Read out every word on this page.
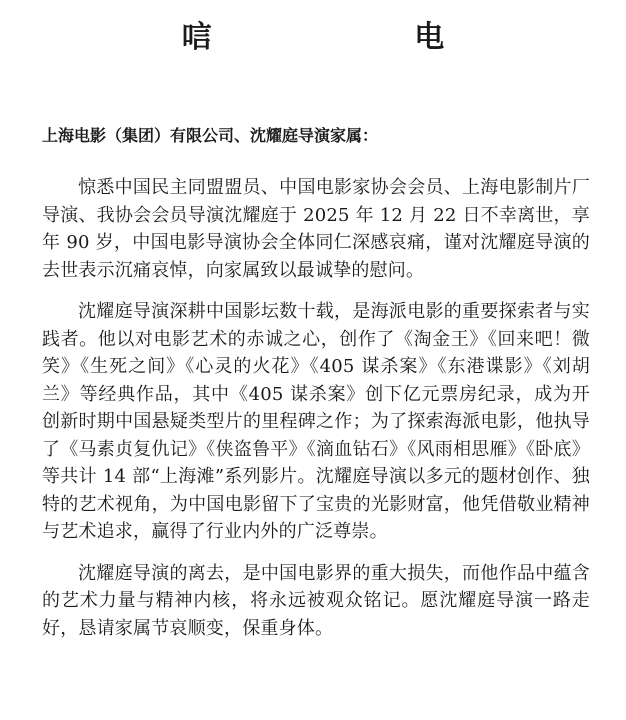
唁 电
上海电影（集团）有限公司、沈耀庭导演家属：

惊悉中国民主同盟盟员、中国电影家协会会员、上海电影制片厂导演、我协会会员导演沈耀庭于 2025 年 12 月 22 日不幸离世，享年 90 岁，中国电影导演协会全体同仁深感哀痛，谨对沈耀庭导演的去世表示沉痛哀悼，向家属致以最诚挚的慰问。

沈耀庭导演深耕中国影坛数十载，是海派电影的重要探索者与实践者。他以对电影艺术的赤诚之心，创作了《淘金王》《回来吧！微笑》《生死之间》《心灵的火花》《405 谋杀案》《东港谍影》《刘胡兰》等经典作品，其中《405 谋杀案》创下亿元票房纪录，成为开创新时期中国悬疑类型片的里程碑之作；为了探索海派电影，他执导了《马素贞复仇记》《侠盗鲁平》《滴血钻石》《风雨相思雁》《卧底》等共计 14 部“上海滩”系列影片。沈耀庭导演以多元的题材创作、独特的艺术视角，为中国电影留下了宝贵的光影财富，他凭借敬业精神与艺术追求，赢得了行业内外的广泛尊崇。

沈耀庭导演的离去，是中国电影界的重大损失，而他作品中蕴含的艺术力量与精神内核，将永远被观众铭记。愿沈耀庭导演一路走好，恳请家属节哀顺变，保重身体。
